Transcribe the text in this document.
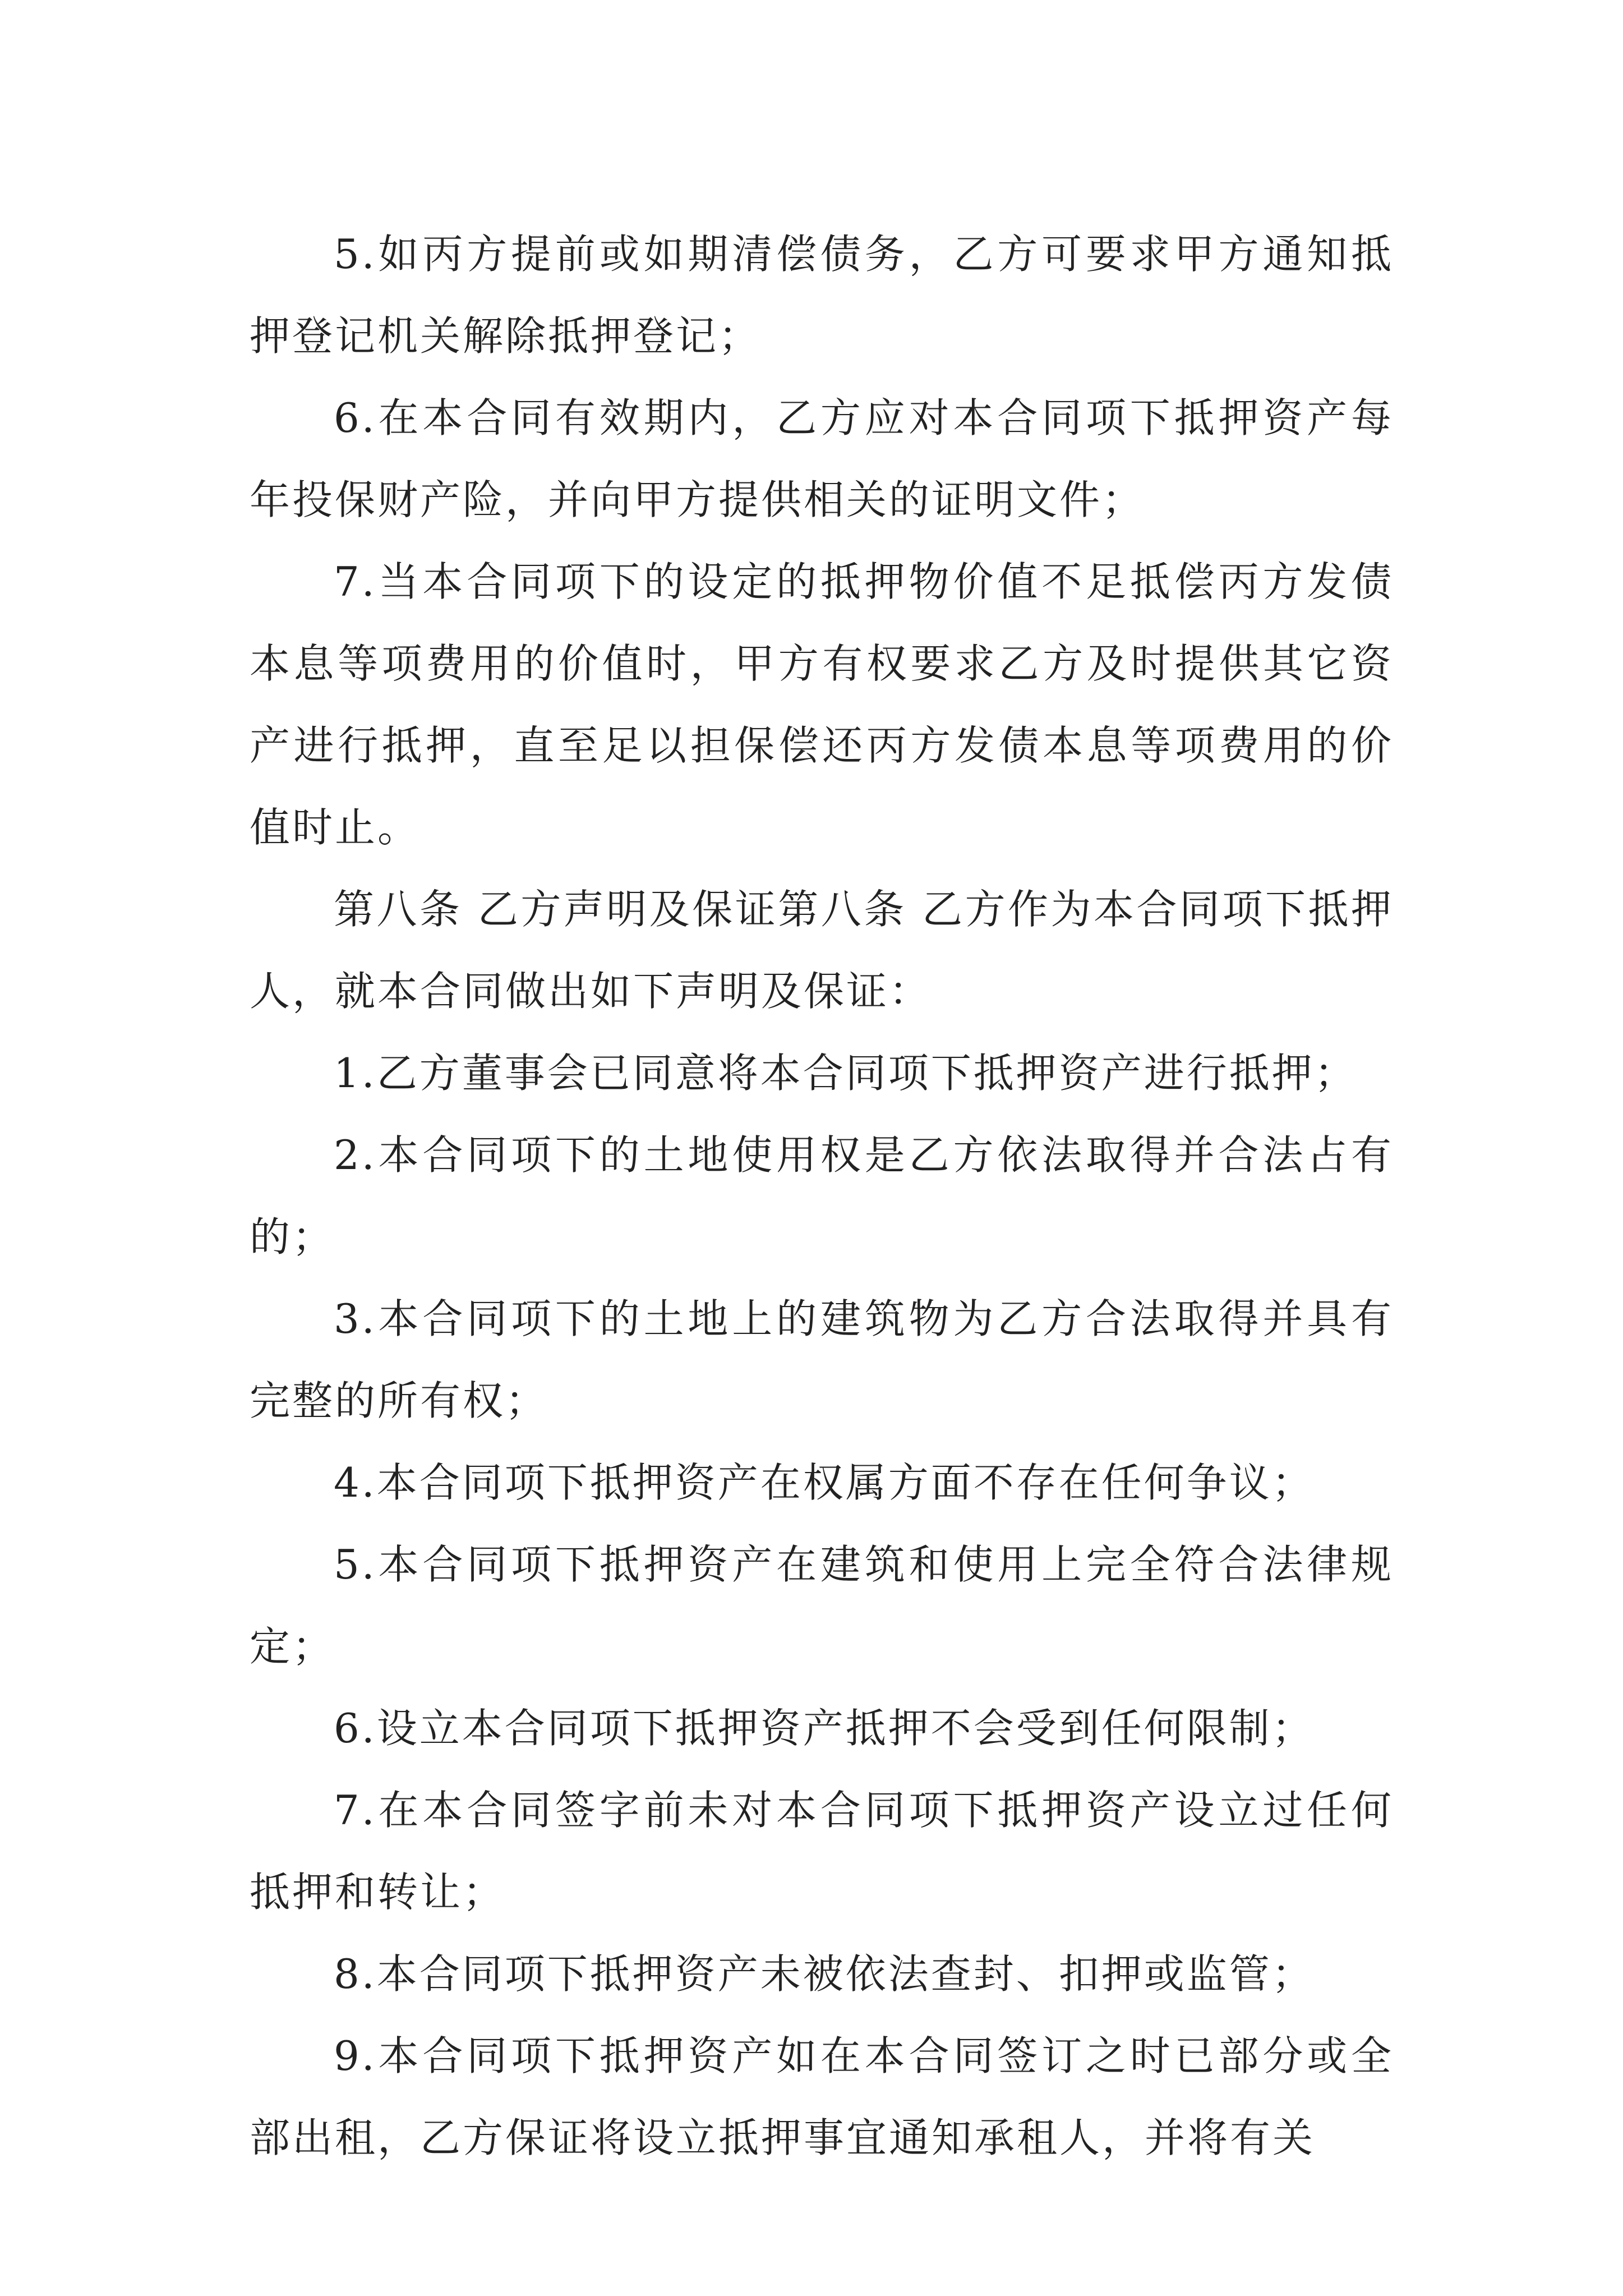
5.如丙方提前或如期清偿债务，乙方可要求甲方通知抵押登记机关解除抵押登记；

6.在本合同有效期内，乙方应对本合同项下抵押资产每年投保财产险，并向甲方提供相关的证明文件；

7.当本合同项下的设定的抵押物价值不足抵偿丙方发债本息等项费用的价值时，甲方有权要求乙方及时提供其它资产进行抵押，直至足以担保偿还丙方发债本息等项费用的价值时止。

第八条 乙方声明及保证第八条 乙方作为本合同项下抵押人，就本合同做出如下声明及保证：

1.乙方董事会已同意将本合同项下抵押资产进行抵押；

2.本合同项下的土地使用权是乙方依法取得并合法占有的；

3.本合同项下的土地上的建筑物为乙方合法取得并具有完整的所有权；

4.本合同项下抵押资产在权属方面不存在任何争议；

5.本合同项下抵押资产在建筑和使用上完全符合法律规定；

6.设立本合同项下抵押资产抵押不会受到任何限制；

7.在本合同签字前未对本合同项下抵押资产设立过任何抵押和转让；

8.本合同项下抵押资产未被依法查封、扣押或监管；

9.本合同项下抵押资产如在本合同签订之时已部分或全部出租，乙方保证将设立抵押事宜通知承租人，并将有关
